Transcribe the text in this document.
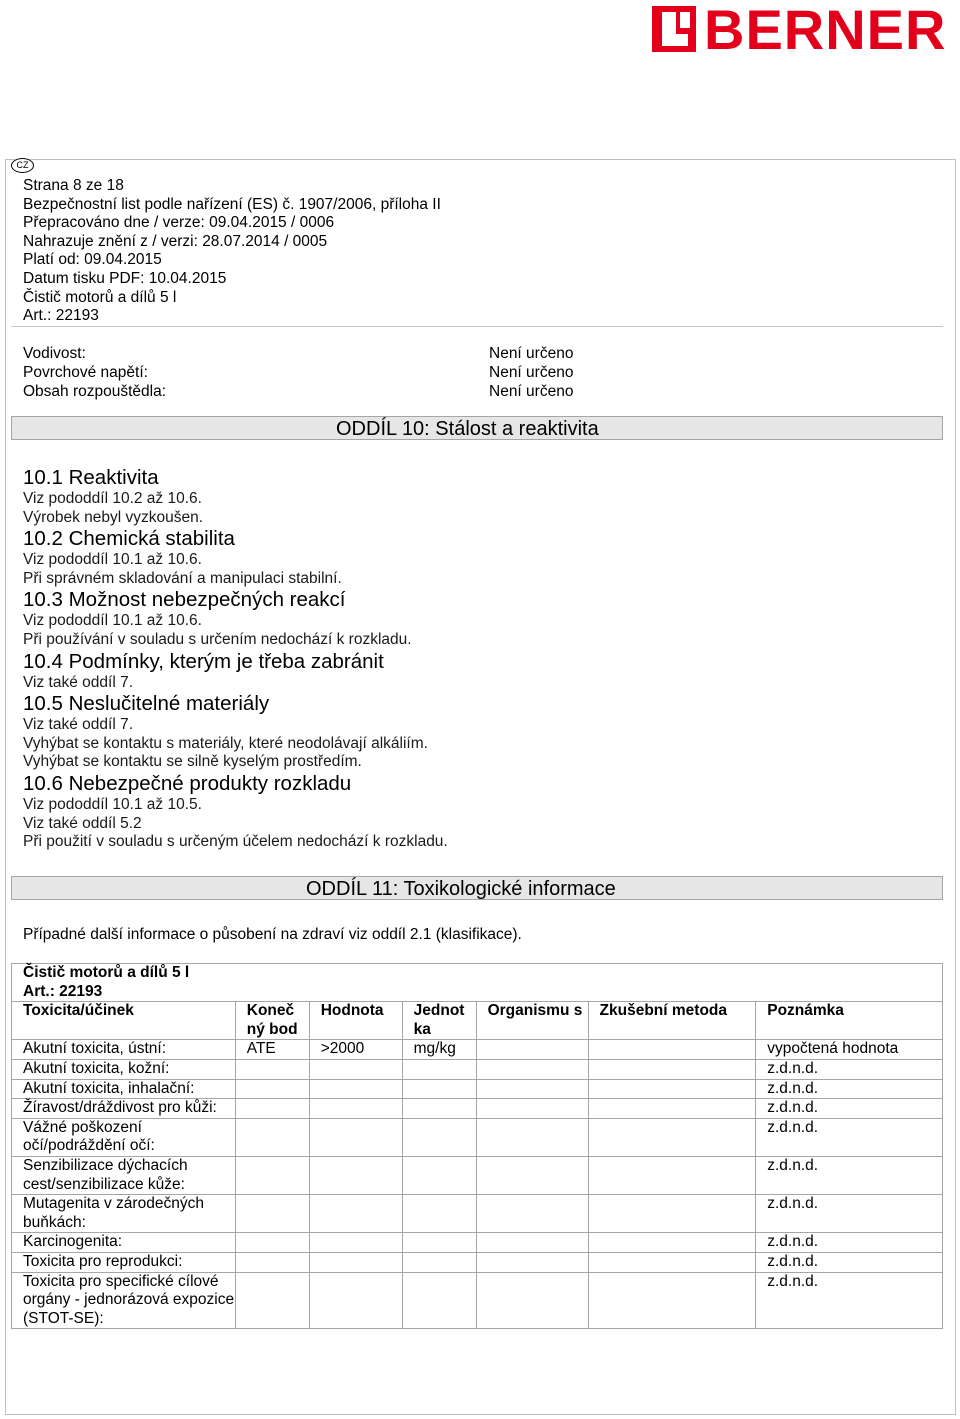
BERNER
CZ
Strana 8 ze 18
Bezpečnostní list podle nařízení (ES) č. 1907/2006, příloha II
Přepracováno dne / verze: 09.04.2015 / 0006
Nahrazuje znění z / verzi: 28.07.2014 / 0005
Platí od: 09.04.2015
Datum tisku PDF: 10.04.2015
Čistič motorů a dílů 5 l
Art.: 22193
Vodivost:	Není určeno
Povrchové napětí:	Není určeno
Obsah rozpouštědla:	Není určeno
ODDÍL 10: Stálost a reaktivita
10.1 Reaktivita
Viz pododdíl 10.2 až 10.6.
Výrobek nebyl vyzkoušen.
10.2 Chemická stabilita
Viz pododdíl 10.1 až 10.6.
Při správném skladování a manipulaci stabilní.
10.3 Možnost nebezpečných reakcí
Viz pododdíl 10.1 až 10.6.
Při používání v souladu s určením nedochází k rozkladu.
10.4 Podmínky, kterým je třeba zabránit
Viz také oddíl 7.
10.5 Neslučitelné materiály
Viz také oddíl 7.
Vyhýbat se kontaktu s materiály, které neodolávají alkáliím.
Vyhýbat se kontaktu se silně kyselým prostředím.
10.6 Nebezpečné produkty rozkladu
Viz pododdíl 10.1 až 10.5.
Viz také oddíl 5.2
Při použití v souladu s určeným účelem nedochází k rozkladu.
ODDÍL 11: Toxikologické informace
Případné další informace o působení na zdraví viz oddíl 2.1 (klasifikace).
Čistič motorů a dílů 5 l
Art.: 22193						

Toxicita/účinek	Koneč ný bod	Hodnota	Jednot ka	Organismu s	Zkušební metoda	Poznámka
Akutní toxicita, ústní:	ATE	>2000	mg/kg			vypočtená hodnota
Akutní toxicita, kožní:						z.d.n.d.
Akutní toxicita, inhalační:						z.d.n.d.
Žíravost/dráždivost pro kůži:						z.d.n.d.
Vážné poškození očí/podráždění očí:						z.d.n.d.
Senzibilizace dýchacích cest/senzibilizace kůže:						z.d.n.d.
Mutagenita v zárodečných buňkách:						z.d.n.d.
Karcinogenita:						z.d.n.d.
Toxicita pro reprodukci:						z.d.n.d.
Toxicita pro specifické cílové orgány - jednorázová expozice (STOT-SE):						z.d.n.d.
